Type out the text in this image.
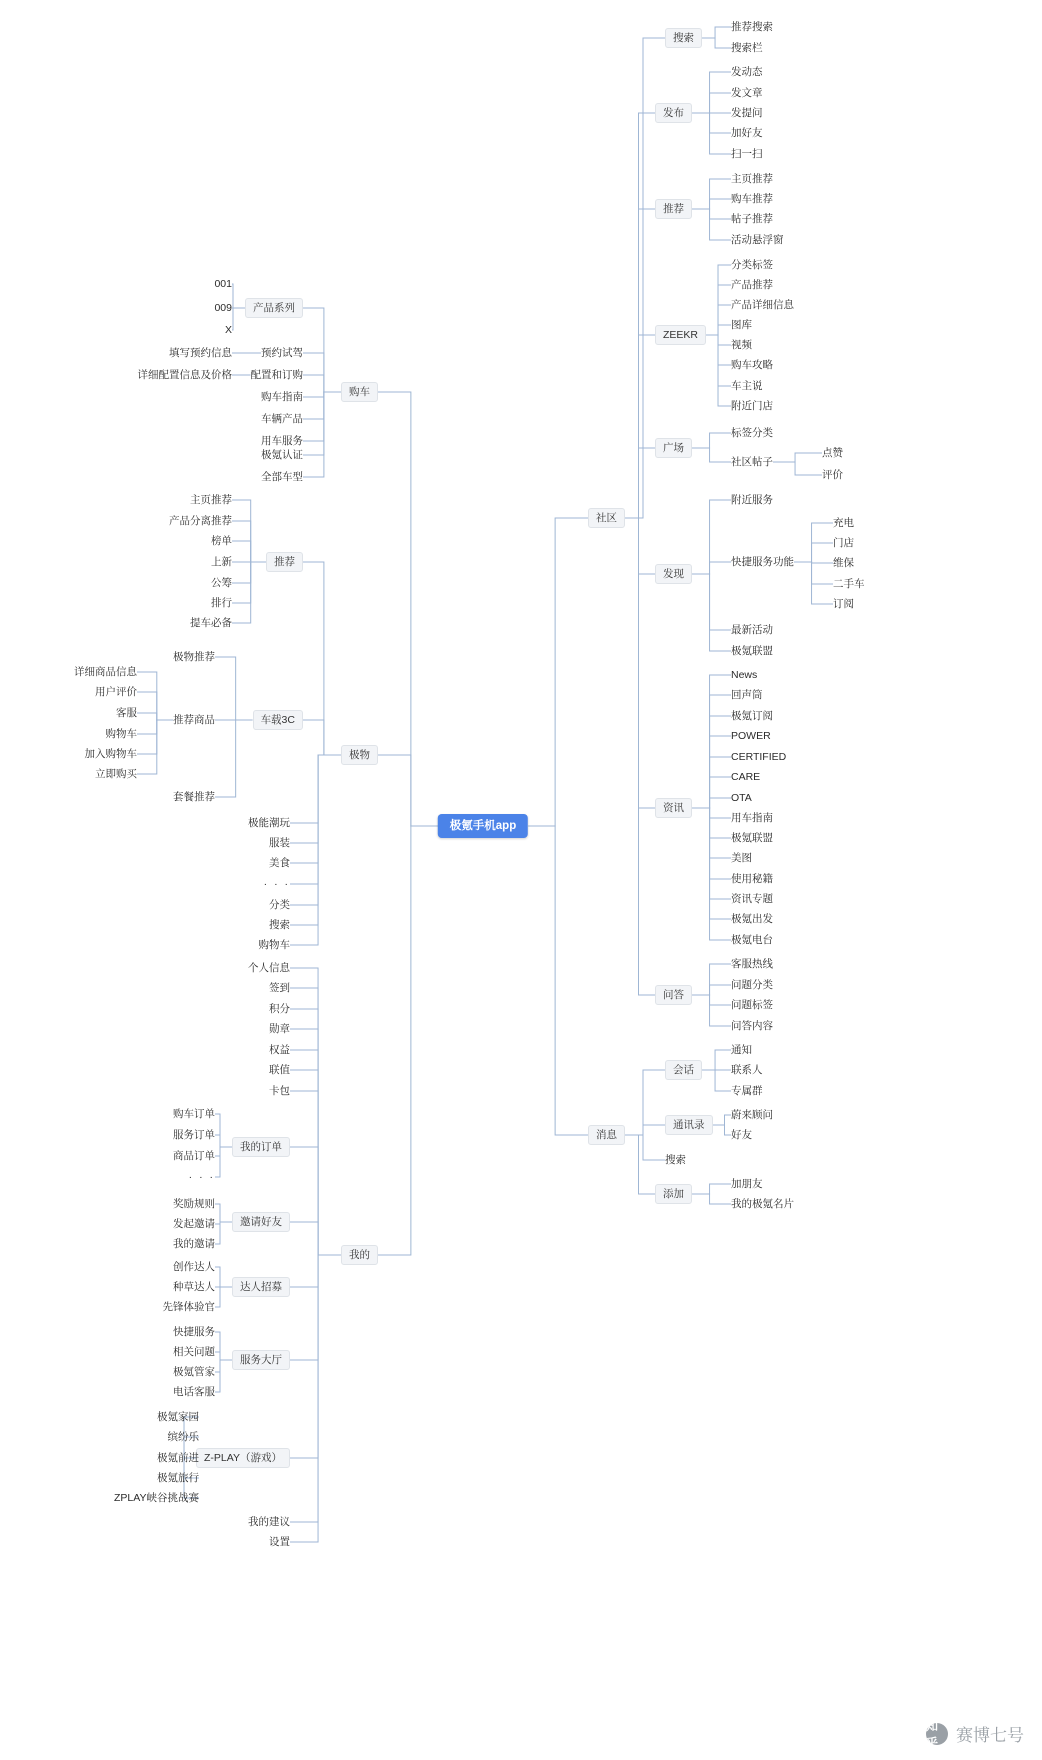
购车
产品系列
001
009
X
预约试驾
填写预约信息
配置和订购
详细配置信息及价格
购车指南
车辆产品
用车服务
极氪认证
全部车型
推荐
主页推荐
产品分离推荐
榜单
上新
公筹
排行
提车必备
极物
极物推荐
推荐商品
详细商品信息
用户评价
客服
购物车
加入购物车
立即购买
套餐推荐
车载3C
极能潮玩
服装
美食
· · ·
分类
搜索
购物车
我的
个人信息
签到
积分
勋章
权益
联值
卡包
我的订单
购车订单
服务订单
商品订单
· · ·
邀请好友
奖励规则
发起邀请
我的邀请
达人招募
创作达人
种草达人
先锋体验官
服务大厅
快捷服务
相关问题
极氪管家
电话客服
Z-PLAY（游戏）
极氪家园
缤纷乐
极氪前进
极氪旅行
ZPLAY峡谷挑战赛
我的建议
设置
社区
搜索
推荐搜索
搜索栏
发布
发动态
发文章
发提问
加好友
扫一扫
推荐
主页推荐
购车推荐
帖子推荐
活动悬浮窗
ZEEKR
分类标签
产品推荐
产品详细信息
图库
视频
购车攻略
车主说
附近门店
广场
标签分类
社区帖子
点赞
评价
发现
附近服务
快捷服务功能
充电
门店
维保
二手车
订阅
最新活动
极氪联盟
资讯
News
回声筒
极氪订阅
POWER
CERTIFIED
CARE
OTA
用车指南
极氪联盟
美图
使用秘籍
资讯专题
极氪出发
极氪电台
问答
客服热线
问题分类
问题标签
问答内容
消息
会话
通知
联系人
专属群
通讯录
蔚来顾问
好友
搜索
添加
加朋友
我的极氪名片
极氪手机app
知乎	赛博七号
